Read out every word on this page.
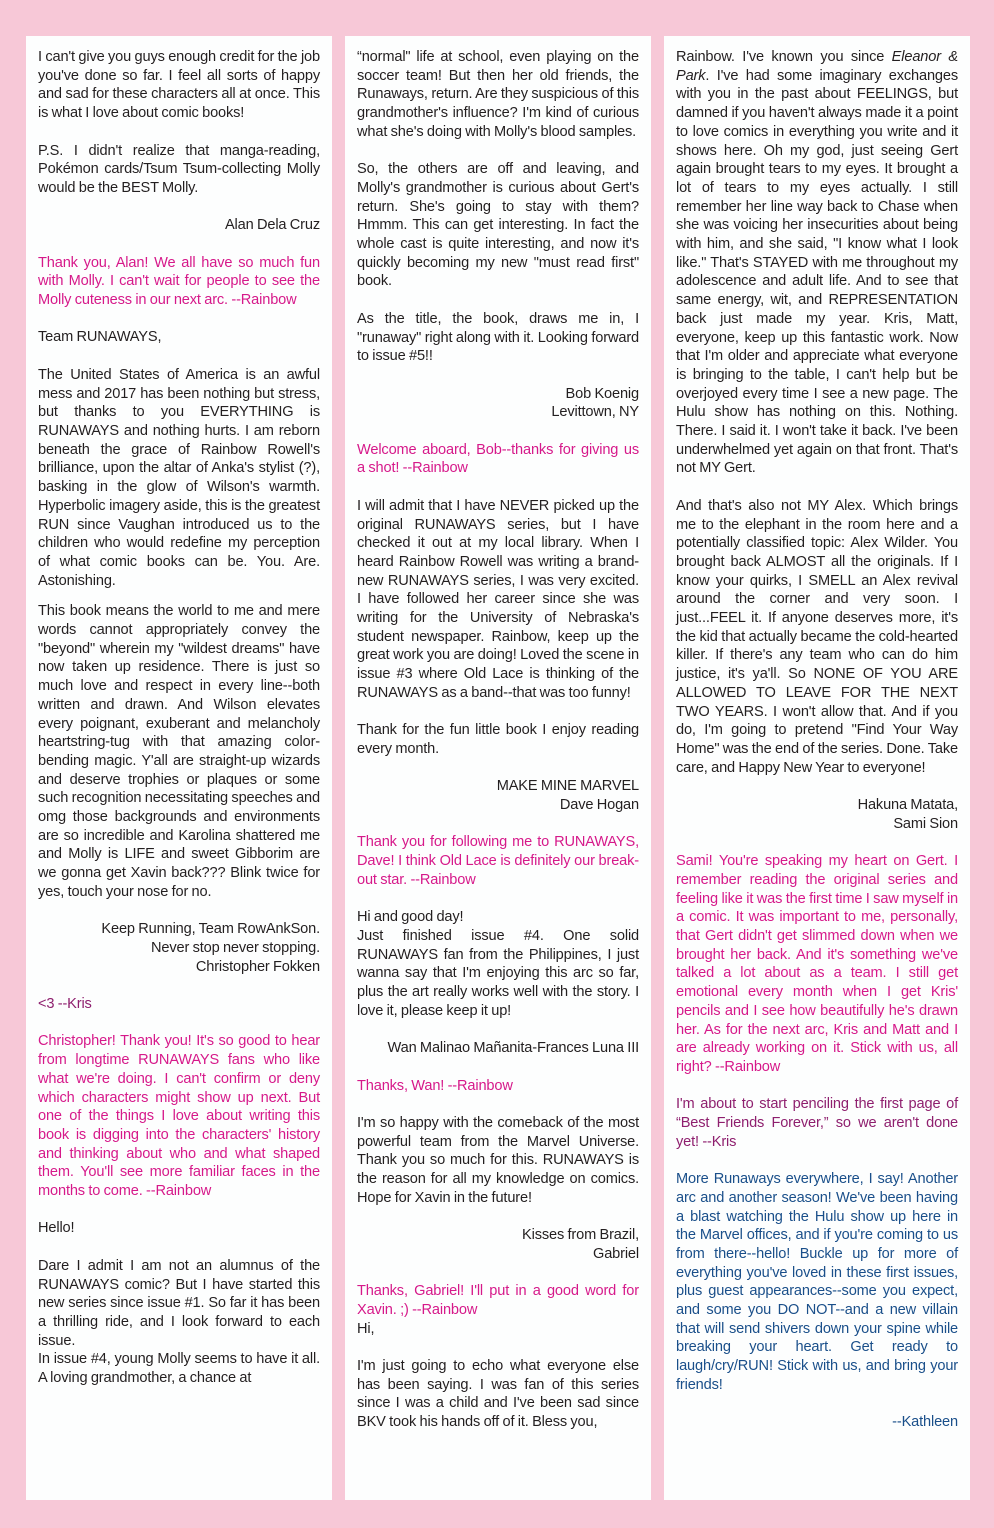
I can't give you guys enough credit for the job you've done so far. I feel all sorts of happy and sad for these characters all at once. This is what I love about comic books!

P.S. I didn't realize that manga-reading, Pokémon cards/Tsum Tsum-collecting Molly would be the BEST Molly.

Alan Dela Cruz

Thank you, Alan! We all have so much fun with Molly. I can't wait for people to see the Molly cuteness in our next arc. --Rainbow

Team RUNAWAYS,

The United States of America is an awful mess and 2017 has been nothing but stress, but thanks to you EVERYTHING is RUNAWAYS and nothing hurts. I am reborn beneath the grace of Rainbow Rowell's brilliance, upon the altar of Anka's stylist (?), basking in the glow of Wilson's warmth. Hyperbolic imagery aside, this is the greatest RUN since Vaughan introduced us to the children who would redefine my perception of what comic books can be. You. Are. Astonishing.

This book means the world to me and mere words cannot appropriately convey the "beyond" wherein my "wildest dreams" have now taken up residence. There is just so much love and respect in every line--both written and drawn. And Wilson elevates every poignant, exuberant and melancholy heartstring-tug with that amazing color-bending magic. Y'all are straight-up wizards and deserve trophies or plaques or some such recognition necessitating speeches and omg those backgrounds and environments are so incredible and Karolina shattered me and Molly is LIFE and sweet Gibborim are we gonna get Xavin back??? Blink twice for yes, touch your nose for no.

Keep Running, Team RowAnkSon.
Never stop never stopping.
Christopher Fokken

<3 --Kris

Christopher! Thank you! It's so good to hear from longtime RUNAWAYS fans who like what we're doing. I can't confirm or deny which characters might show up next. But one of the things I love about writing this book is digging into the characters' history and thinking about who and what shaped them. You'll see more familiar faces in the months to come. --Rainbow

Hello!

Dare I admit I am not an alumnus of the RUNAWAYS comic? But I have started this new series since issue #1. So far it has been a thrilling ride, and I look forward to each issue.

In issue #4, young Molly seems to have it all. A loving grandmother, a chance at

“normal" life at school, even playing on the soccer team! But then her old friends, the Runaways, return. Are they suspicious of this grandmother's influence? I'm kind of curious what she's doing with Molly's blood samples.

So, the others are off and leaving, and Molly's grandmother is curious about Gert's return. She's going to stay with them? Hmmm. This can get interesting. In fact the whole cast is quite interesting, and now it's quickly becoming my new "must read first" book.

As the title, the book, draws me in, I "runaway" right along with it. Looking forward to issue #5!!

Bob Koenig
Levittown, NY

Welcome aboard, Bob--thanks for giving us a shot! --Rainbow

I will admit that I have NEVER picked up the original RUNAWAYS series, but I have checked it out at my local library. When I heard Rainbow Rowell was writing a brand-new RUNAWAYS series, I was very excited. I have followed her career since she was writing for the University of Nebraska's student newspaper. Rainbow, keep up the great work you are doing! Loved the scene in issue #3 where Old Lace is thinking of the RUNAWAYS as a band--that was too funny!

Thank for the fun little book I enjoy reading every month.

MAKE MINE MARVEL
Dave Hogan

Thank you for following me to RUNAWAYS, Dave! I think Old Lace is definitely our break-out star. --Rainbow

Hi and good day!

Just finished issue #4. One solid RUNAWAYS fan from the Philippines, I just wanna say that I'm enjoying this arc so far, plus the art really works well with the story. I love it, please keep it up!

Wan Malinao Mañanita-Frances Luna III

Thanks, Wan! --Rainbow

I'm so happy with the comeback of the most powerful team from the Marvel Universe. Thank you so much for this. RUNAWAYS is the reason for all my knowledge on comics. Hope for Xavin in the future!

Kisses from Brazil,
Gabriel

Thanks, Gabriel! I'll put in a good word for Xavin. ;) --Rainbow

Hi,

I'm just going to echo what everyone else has been saying. I was fan of this series since I was a child and I've been sad since BKV took his hands off of it. Bless you,

Rainbow. I've known you since Eleanor & Park. I've had some imaginary exchanges with you in the past about FEELINGS, but damned if you haven't always made it a point to love comics in everything you write and it shows here. Oh my god, just seeing Gert again brought tears to my eyes. It brought a lot of tears to my eyes actually. I still remember her line way back to Chase when she was voicing her insecurities about being with him, and she said, "I know what I look like." That's STAYED with me throughout my adolescence and adult life. And to see that same energy, wit, and REPRESENTATION back just made my year. Kris, Matt, everyone, keep up this fantastic work. Now that I'm older and appreciate what everyone is bringing to the table, I can't help but be overjoyed every time I see a new page. The Hulu show has nothing on this. Nothing. There. I said it. I won't take it back. I've been underwhelmed yet again on that front. That's not MY Gert.

And that's also not MY Alex. Which brings me to the elephant in the room here and a potentially classified topic: Alex Wilder. You brought back ALMOST all the originals. If I know your quirks, I SMELL an Alex revival around the corner and very soon. I just...FEEL it. If anyone deserves more, it's the kid that actually became the cold-hearted killer. If there's any team who can do him justice, it's ya'll. So NONE OF YOU ARE ALLOWED TO LEAVE FOR THE NEXT TWO YEARS. I won't allow that. And if you do, I'm going to pretend "Find Your Way Home" was the end of the series. Done. Take care, and Happy New Year to everyone!

Hakuna Matata,
Sami Sion

Sami! You're speaking my heart on Gert. I remember reading the original series and feeling like it was the first time I saw myself in a comic. It was important to me, personally, that Gert didn't get slimmed down when we brought her back. And it's something we've talked a lot about as a team. I still get emotional every month when I get Kris' pencils and I see how beautifully he's drawn her. As for the next arc, Kris and Matt and I are already working on it. Stick with us, all right? --Rainbow

I'm about to start penciling the first page of “Best Friends Forever,” so we aren't done yet! --Kris

More Runaways everywhere, I say! Another arc and another season! We've been having a blast watching the Hulu show up here in the Marvel offices, and if you're coming to us from there--hello! Buckle up for more of everything you've loved in these first issues, plus guest appearances--some you expect, and some you DO NOT--and a new villain that will send shivers down your spine while breaking your heart. Get ready to laugh/cry/RUN! Stick with us, and bring your friends!

--Kathleen
